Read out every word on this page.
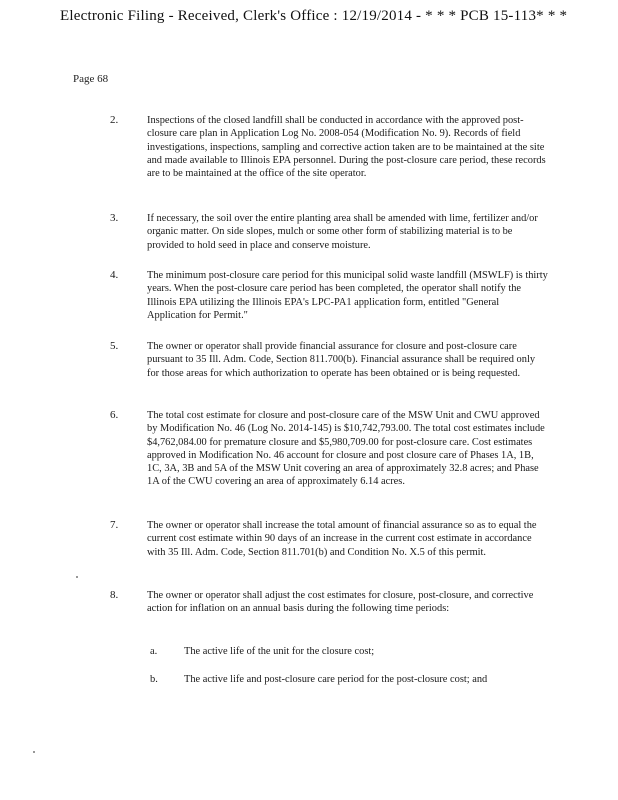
Electronic Filing - Received, Clerk's Office : 12/19/2014 - * * * PCB 15-113* * *
Page 68
2.	Inspections of the closed landfill shall be conducted in accordance with the approved post-closure care plan in Application Log No. 2008-054 (Modification No. 9). Records of field investigations, inspections, sampling and corrective action taken are to be maintained at the site and made available to Illinois EPA personnel. During the post-closure care period, these records are to be maintained at the office of the site operator.
3.	If necessary, the soil over the entire planting area shall be amended with lime, fertilizer and/or organic matter. On side slopes, mulch or some other form of stabilizing material is to be provided to hold seed in place and conserve moisture.
4.	The minimum post-closure care period for this municipal solid waste landfill (MSWLF) is thirty years. When the post-closure care period has been completed, the operator shall notify the Illinois EPA utilizing the Illinois EPA's LPC-PA1 application form, entitled "General Application for Permit."
5.	The owner or operator shall provide financial assurance for closure and post-closure care pursuant to 35 Ill. Adm. Code, Section 811.700(b). Financial assurance shall be required only for those areas for which authorization to operate has been obtained or is being requested.
6.	The total cost estimate for closure and post-closure care of the MSW Unit and CWU approved by Modification No. 46 (Log No. 2014-145) is $10,742,793.00. The total cost estimates include $4,762,084.00 for premature closure and $5,980,709.00 for post-closure care. Cost estimates approved in Modification No. 46 account for closure and post closure care of Phases 1A, 1B, 1C, 3A, 3B and 5A of the MSW Unit covering an area of approximately 32.8 acres; and Phase 1A of the CWU covering an area of approximately 6.14 acres.
7.	The owner or operator shall increase the total amount of financial assurance so as to equal the current cost estimate within 90 days of an increase in the current cost estimate in accordance with 35 Ill. Adm. Code, Section 811.701(b) and Condition No. X.5 of this permit.
8.	The owner or operator shall adjust the cost estimates for closure, post-closure, and corrective action for inflation on an annual basis during the following time periods:
a.	The active life of the unit for the closure cost;
b.	The active life and post-closure care period for the post-closure cost; and
